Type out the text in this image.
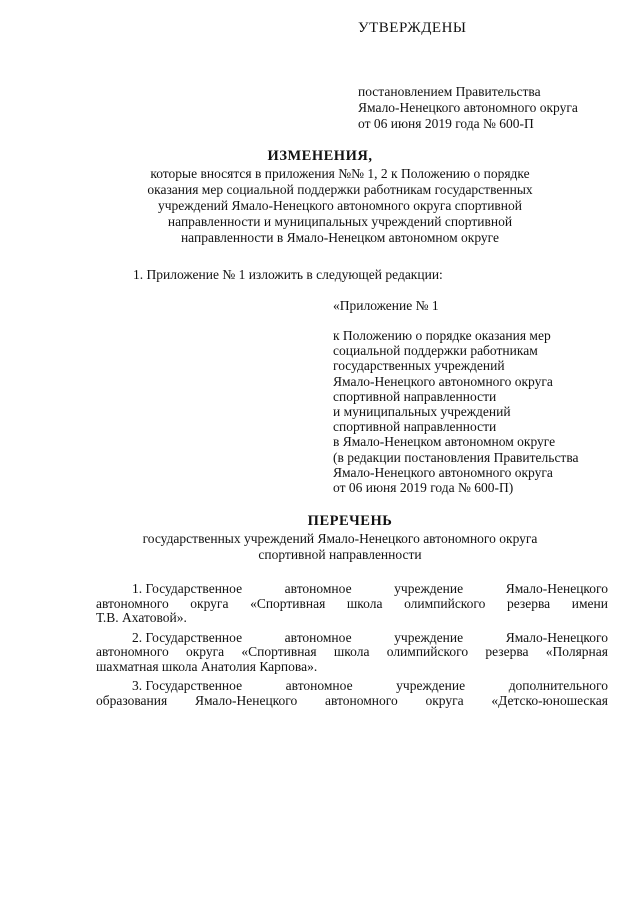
УТВЕРЖДЕНЫ
постановлением Правительства
Ямало-Ненецкого автономного округа
от 06 июня 2019 года № 600-П
ИЗМЕНЕНИЯ,
которые вносятся в приложения №№ 1, 2 к Положению о порядке
оказания мер социальной поддержки работникам государственных
учреждений Ямало-Ненецкого автономного округа спортивной
направленности и муниципальных учреждений спортивной
направленности в Ямало-Ненецком автономном округе
1. Приложение № 1 изложить в следующей редакции:
«Приложение № 1
к Положению о порядке оказания мер
социальной поддержки работникам
государственных учреждений
Ямало-Ненецкого автономного округа
спортивной направленности
и муниципальных учреждений
спортивной направленности
в Ямало-Ненецком автономном округе
(в редакции постановления Правительства
Ямало-Ненецкого автономного округа
от 06 июня 2019 года № 600-П)
ПЕРЕЧЕНЬ
государственных учреждений Ямало-Ненецкого автономного округа
спортивной направленности
1. Государственное	автономное	учреждение	Ямало-Ненецкого
автономного округа «Спортивная школа олимпийского резерва имени
Т.В. Ахатовой».
2. Государственное	автономное	учреждение	Ямало-Ненецкого
автономного округа «Спортивная школа олимпийского резерва «Полярная
шахматная школа Анатолия Карпова».
3. Государственное	автономное	учреждение	дополнительного
образования Ямало-Ненецкого автономного округа «Детско-юношеская
